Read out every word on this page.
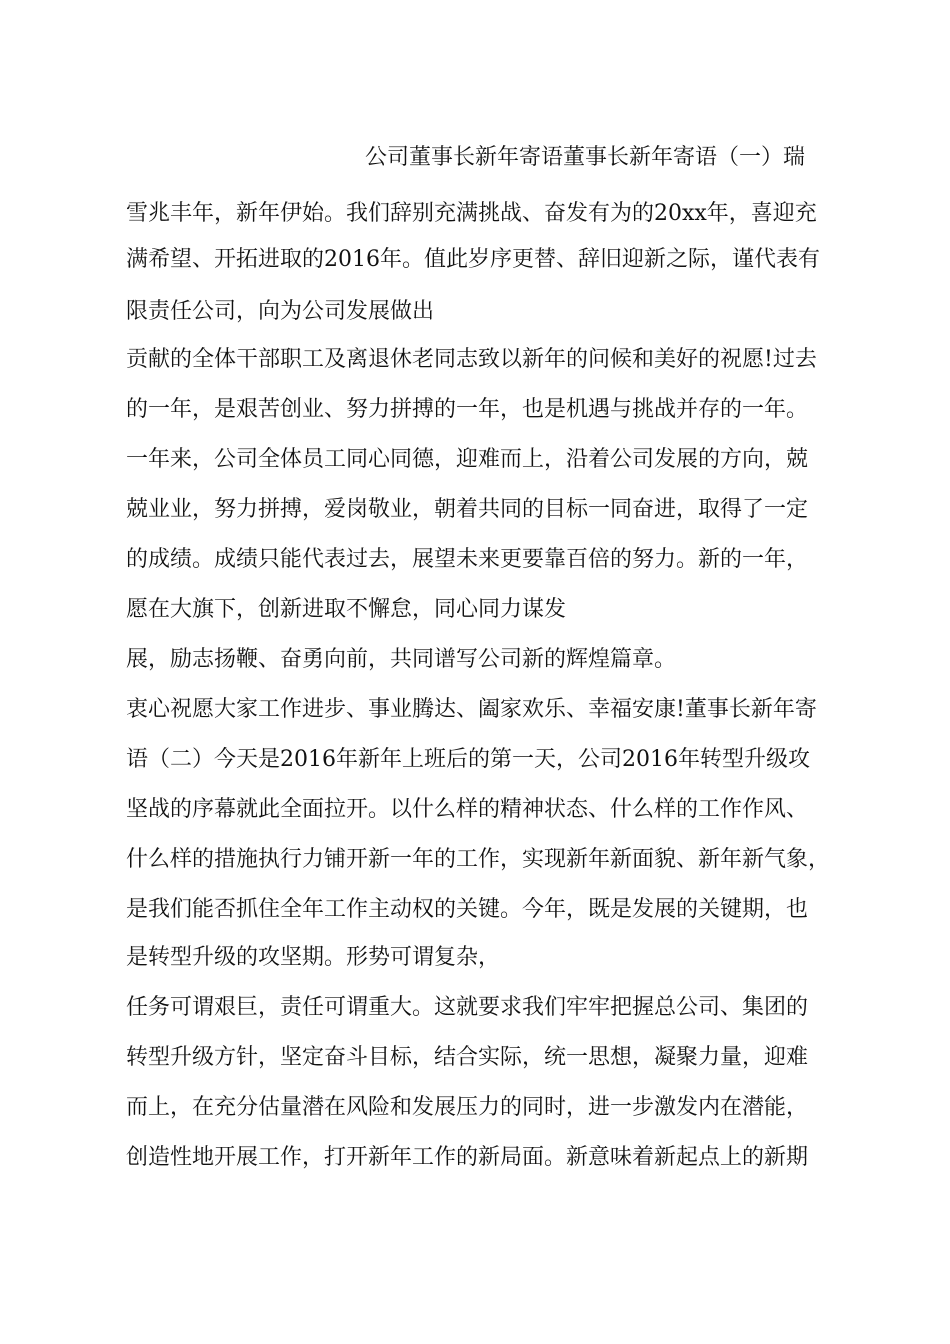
公司董事长新年寄语董事长新年寄语（一）瑞
雪兆丰年，新年伊始。我们辞别充满挑战、奋发有为的20xx年，喜迎充
满希望、开拓进取的2016年。值此岁序更替、辞旧迎新之际，谨代表有
限责任公司，向为公司发展做出
贡献的全体干部职工及离退休老同志致以新年的问候和美好的祝愿!过去
的一年，是艰苦创业、努力拼搏的一年，也是机遇与挑战并存的一年。
一年来，公司全体员工同心同德，迎难而上，沿着公司发展的方向，兢
兢业业，努力拼搏，爱岗敬业，朝着共同的目标一同奋进，取得了一定
的成绩。成绩只能代表过去，展望未来更要靠百倍的努力。新的一年，
愿在大旗下，创新进取不懈怠，同心同力谋发
展，励志扬鞭、奋勇向前，共同谱写公司新的辉煌篇章。
衷心祝愿大家工作进步、事业腾达、阖家欢乐、幸福安康!董事长新年寄
语（二）今天是2016年新年上班后的第一天，公司2016年转型升级攻
坚战的序幕就此全面拉开。以什么样的精神状态、什么样的工作作风、
什么样的措施执行力铺开新一年的工作，实现新年新面貌、新年新气象，
是我们能否抓住全年工作主动权的关键。今年，既是发展的关键期，也
是转型升级的攻坚期。形势可谓复杂，
任务可谓艰巨，责任可谓重大。这就要求我们牢牢把握总公司、集团的
转型升级方针，坚定奋斗目标，结合实际，统一思想，凝聚力量，迎难
而上，在充分估量潜在风险和发展压力的同时，进一步激发内在潜能，
创造性地开展工作，打开新年工作的新局面。新意味着新起点上的新期
